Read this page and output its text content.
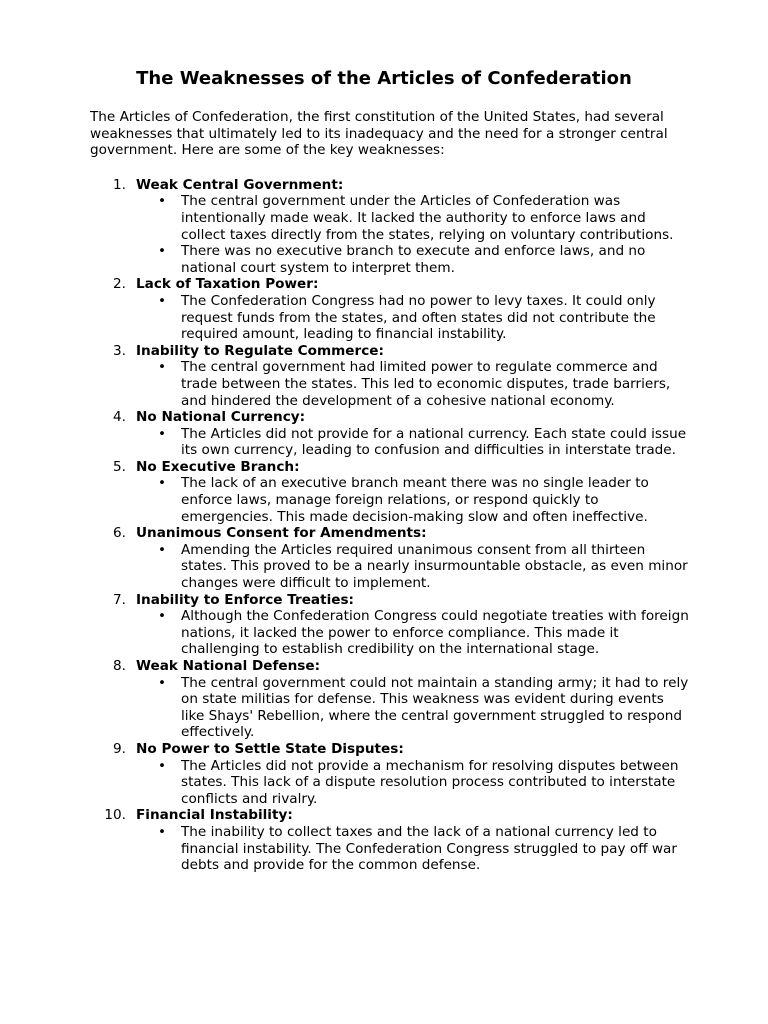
The Weaknesses of the Articles of Confederation

The Articles of Confederation, the first constitution of the United States, had several weaknesses that ultimately led to its inadequacy and the need for a stronger central government. Here are some of the key weaknesses:

1. Weak Central Government:
• The central government under the Articles of Confederation was intentionally made weak. It lacked the authority to enforce laws and collect taxes directly from the states, relying on voluntary contributions.
• There was no executive branch to execute and enforce laws, and no national court system to interpret them.
2. Lack of Taxation Power:
• The Confederation Congress had no power to levy taxes. It could only request funds from the states, and often states did not contribute the required amount, leading to financial instability.
3. Inability to Regulate Commerce:
• The central government had limited power to regulate commerce and trade between the states. This led to economic disputes, trade barriers, and hindered the development of a cohesive national economy.
4. No National Currency:
• The Articles did not provide for a national currency. Each state could issue its own currency, leading to confusion and difficulties in interstate trade.
5. No Executive Branch:
• The lack of an executive branch meant there was no single leader to enforce laws, manage foreign relations, or respond quickly to emergencies. This made decision-making slow and often ineffective.
6. Unanimous Consent for Amendments:
• Amending the Articles required unanimous consent from all thirteen states. This proved to be a nearly insurmountable obstacle, as even minor changes were difficult to implement.
7. Inability to Enforce Treaties:
• Although the Confederation Congress could negotiate treaties with foreign nations, it lacked the power to enforce compliance. This made it challenging to establish credibility on the international stage.
8. Weak National Defense:
• The central government could not maintain a standing army; it had to rely on state militias for defense. This weakness was evident during events like Shays' Rebellion, where the central government struggled to respond effectively.
9. No Power to Settle State Disputes:
• The Articles did not provide a mechanism for resolving disputes between states. This lack of a dispute resolution process contributed to interstate conflicts and rivalry.
10. Financial Instability:
• The inability to collect taxes and the lack of a national currency led to financial instability. The Confederation Congress struggled to pay off war debts and provide for the common defense.
